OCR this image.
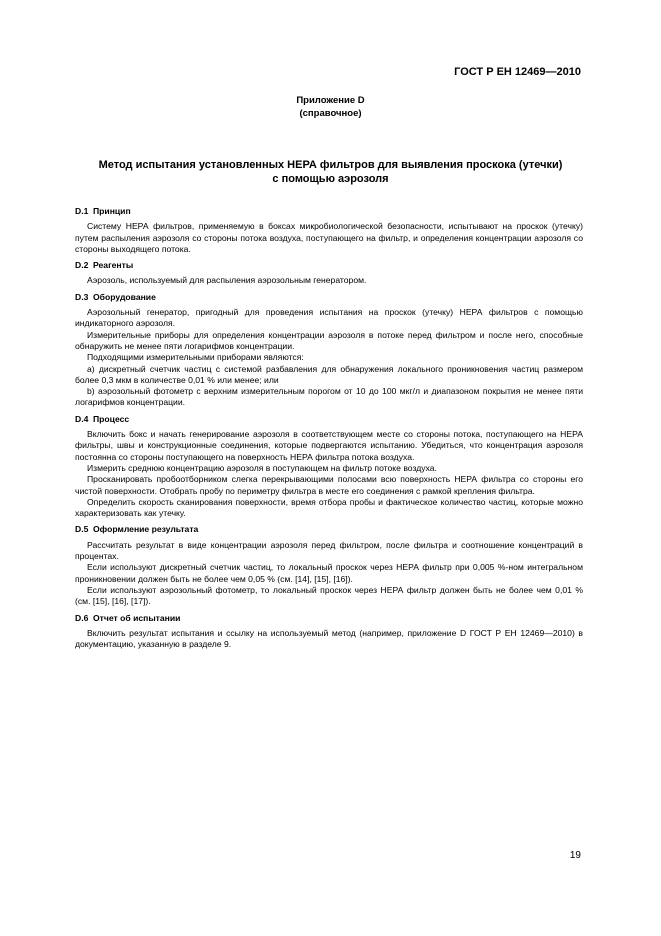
ГОСТ Р ЕН 12469—2010
Приложение D
(справочное)
Метод испытания установленных НЕРА фильтров для выявления проскока (утечки)
с помощью аэрозоля
D.1 Принцип

Систему НЕРА фильтров, применяемую в боксах микробиологической безопасности, испытывают на проскок (утечку) путем распыления аэрозоля со стороны потока воздуха, поступающего на фильтр, и определения концентрации аэрозоля со стороны выходящего потока.

D.2 Реагенты

Аэрозоль, используемый для распыления аэрозольным генератором.

D.3 Оборудование

Аэрозольный генератор, пригодный для проведения испытания на проскок (утечку) НЕРА фильтров с помощью индикаторного аэрозоля.

Измерительные приборы для определения концентрации аэрозоля в потоке перед фильтром и после него, способные обнаружить не менее пяти логарифмов концентрации.

Подходящими измерительными приборами являются:

a) дискретный счетчик частиц с системой разбавления для обнаружения локального проникновения частиц размером более 0,3 мкм в количестве 0,01 % или менее; или

b) аэрозольный фотометр с верхним измерительным порогом от 10 до 100 мкг/л и диапазоном покрытия не менее пяти логарифмов концентрации.

D.4 Процесс

Включить бокс и начать генерирование аэрозоля в соответствующем месте со стороны потока, поступающего на НЕРА фильтры, швы и конструкционные соединения, которые подвергаются испытанию. Убедиться, что концентрация аэрозоля постоянна со стороны поступающего на поверхность НЕРА фильтра потока воздуха.

Измерить среднюю концентрацию аэрозоля в поступающем на фильтр потоке воздуха.

Просканировать пробоотборником слегка перекрывающими полосами всю поверхность НЕРА фильтра со стороны его чистой поверхности. Отобрать пробу по периметру фильтра в месте его соединения с рамкой крепления фильтра.

Определить скорость сканирования поверхности, время отбора пробы и фактическое количество частиц, которые можно характеризовать как утечку.

D.5 Оформление результата

Рассчитать результат в виде концентрации аэрозоля перед фильтром, после фильтра и соотношение концентраций в процентах.

Если используют дискретный счетчик частиц, то локальный проскок через НЕРА фильтр при 0,005 %-ном интегральном проникновении должен быть не более чем 0,05 % (см. [14], [15], [16]).

Если используют аэрозольный фотометр, то локальный проскок через НЕРА фильтр должен быть не более чем 0,01 % (см. [15], [16], [17]).

D.6 Отчет об испытании

Включить результат испытания и ссылку на используемый метод (например, приложение D ГОСТ Р ЕН 12469—2010) в документацию, указанную в разделе 9.

19
